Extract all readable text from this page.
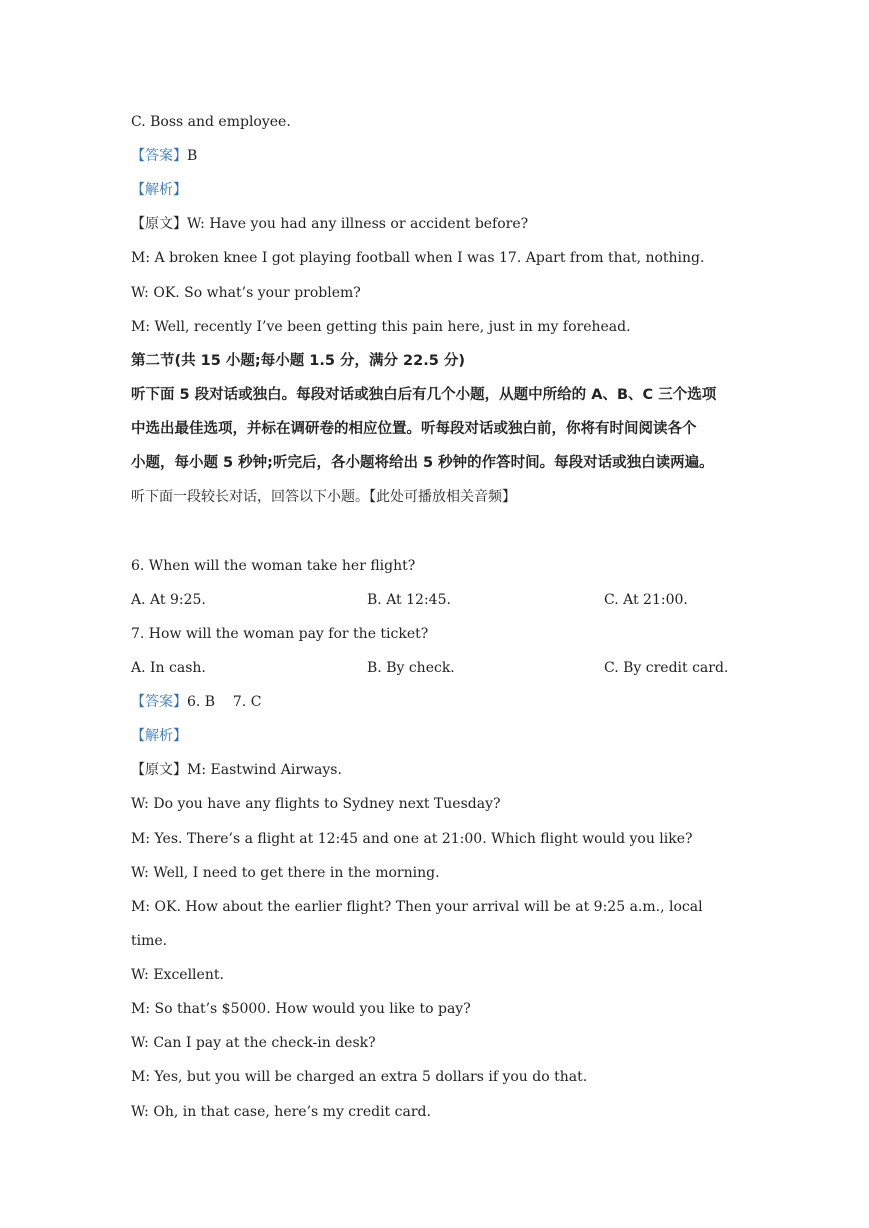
C. Boss and employee.

【答案】B

【解析】

【原文】W: Have you had any illness or accident before?

M: A broken knee I got playing football when I was 17. Apart from that, nothing.

W: OK. So what’s your problem?

M: Well, recently I’ve been getting this pain here, just in my forehead.

第二节(共 15 小题;每小题 1.5 分，满分 22.5 分)

听下面 5 段对话或独白。每段对话或独白后有几个小题，从题中所给的 A、B、C 三个选项

中选出最佳选项，并标在调研卷的相应位置。听每段对话或独白前，你将有时间阅读各个

小题，每小题 5 秒钟;听完后，各小题将给出 5 秒钟的作答时间。每段对话或独白读两遍。

听下面一段较长对话，回答以下小题。【此处可播放相关音频】

6. When will the woman take her flight?

A. At 9:25.	B. At 12:45.	C. At 21:00.

7. How will the woman pay for the ticket?

A. In cash.	B. By check.	C. By credit card.

【答案】6. B    7. C

【解析】

【原文】M: Eastwind Airways.

W: Do you have any flights to Sydney next Tuesday?

M: Yes. There’s a flight at 12:45 and one at 21:00. Which flight would you like?

W: Well, I need to get there in the morning.

M: OK. How about the earlier flight? Then your arrival will be at 9:25 a.m., local

time.

W: Excellent.

M: So that’s $5000. How would you like to pay?

W: Can I pay at the check-in desk?

M: Yes, but you will be charged an extra 5 dollars if you do that.

W: Oh, in that case, here’s my credit card.
